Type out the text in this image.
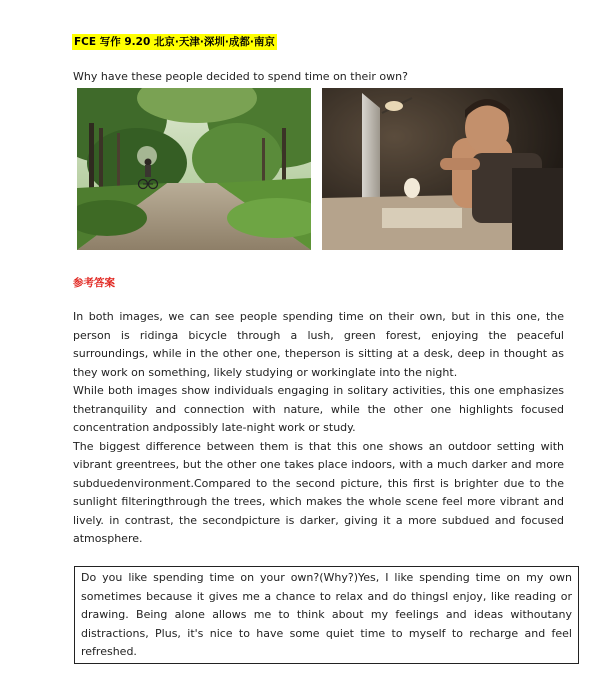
FCE 写作 9.20 北京·天津·深圳·成都·南京
Why have these people decided to spend time on their own?
参考答案

In both images, we can see people spending time on their own, but in this one, the person is ridinga bicycle through a lush, green forest, enjoying the peaceful surroundings, while in the other one, theperson is sitting at a desk, deep in thought as they work on something, likely studying or workinglate into the night.

While both images show individuals engaging in solitary activities, this one emphasizes thetranquility and connection with nature, while the other one highlights focused concentration andpossibly late-night work or study.

The biggest difference between them is that this one shows an outdoor setting with vibrant greentrees, but the other one takes place indoors, with a much darker and more subduedenvironment.Compared to the second picture, this first is brighter due to the sunlight filteringthrough the trees, which makes the whole scene feel more vibrant and lively. in contrast, the secondpicture is darker, giving it a more subdued and focused atmosphere.

Do you like spending time on your own?(Why?)Yes, I like spending time on my own sometimes because it gives me a chance to relax and do thingsl enjoy, like reading or drawing. Being alone allows me to think about my feelings and ideas withoutany distractions, Plus, it's nice to have some quiet time to myself to recharge and feel refreshed.
